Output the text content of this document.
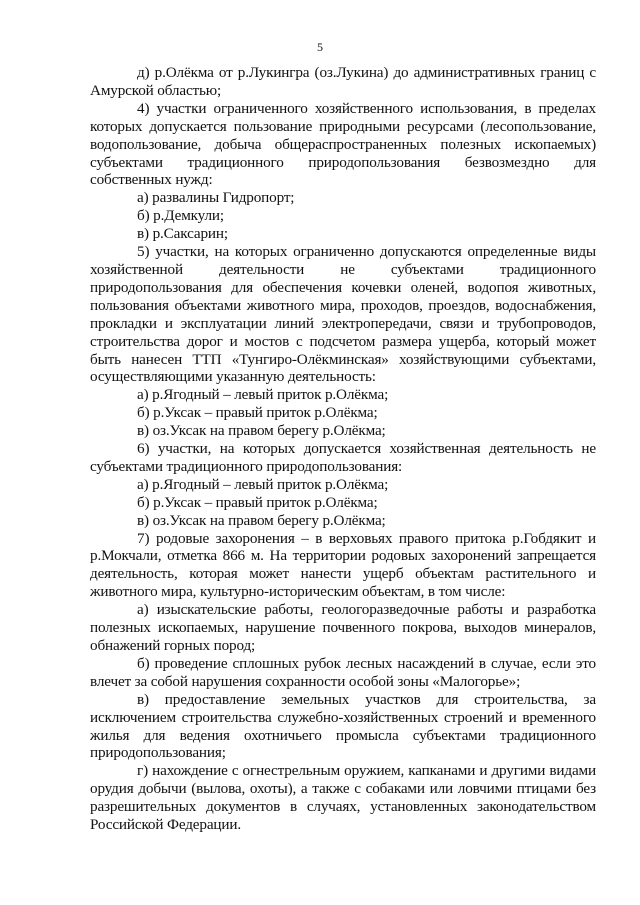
5

д) р.Олёкма от р.Лукингра (оз.Лукина) до административных границ с Амурской областью;

4) участки ограниченного хозяйственного использования, в пределах которых допускается пользование природными ресурсами (лесопользование, водопользование, добыча общераспространенных полезных ископаемых) субъектами традиционного природопользования безвозмездно для собственных нужд:

а) развалины Гидропорт;

б) р.Демкули;

в) р.Саксарин;

5) участки, на которых ограниченно допускаются определенные виды хозяйственной деятельности не субъектами традиционного природопользования для обеспечения кочевки оленей, водопоя животных, пользования объектами животного мира, проходов, проездов, водоснабжения, прокладки и эксплуатации линий электропередачи, связи и трубопроводов, строительства дорог и мостов с подсчетом размера ущерба, который может быть нанесен ТТП «Тунгиро-Олёкминская» хозяйствующими субъектами, осуществляющими указанную деятельность:

а) р.Ягодный – левый приток р.Олёкма;

б) р.Уксак – правый приток р.Олёкма;

в) оз.Уксак на правом берегу р.Олёкма;

6) участки, на которых допускается хозяйственная деятельность не субъектами традиционного природопользования:

а) р.Ягодный – левый приток р.Олёкма;

б) р.Уксак – правый приток р.Олёкма;

в) оз.Уксак на правом берегу р.Олёкма;

7) родовые захоронения – в верховьях правого притока р.Гобдякит и р.Мокчали, отметка 866 м. На территории родовых захоронений запрещается деятельность, которая может нанести ущерб объектам растительного и животного мира, культурно-историческим объектам, в том числе:

а) изыскательские работы, геологоразведочные работы и разработка полезных ископаемых, нарушение почвенного покрова, выходов минералов, обнажений горных пород;

б) проведение сплошных рубок лесных насаждений в случае, если это влечет за собой нарушения сохранности особой зоны «Малогорье»;

в) предоставление земельных участков для строительства, за исключением строительства служебно-хозяйственных строений и временного жилья для ведения охотничьего промысла субъектами традиционного природопользования;

г) нахождение с огнестрельным оружием, капканами и другими видами орудия добычи (вылова, охоты), а также с собаками или ловчими птицами без разрешительных документов в случаях, установленных законодательством Российской Федерации.
